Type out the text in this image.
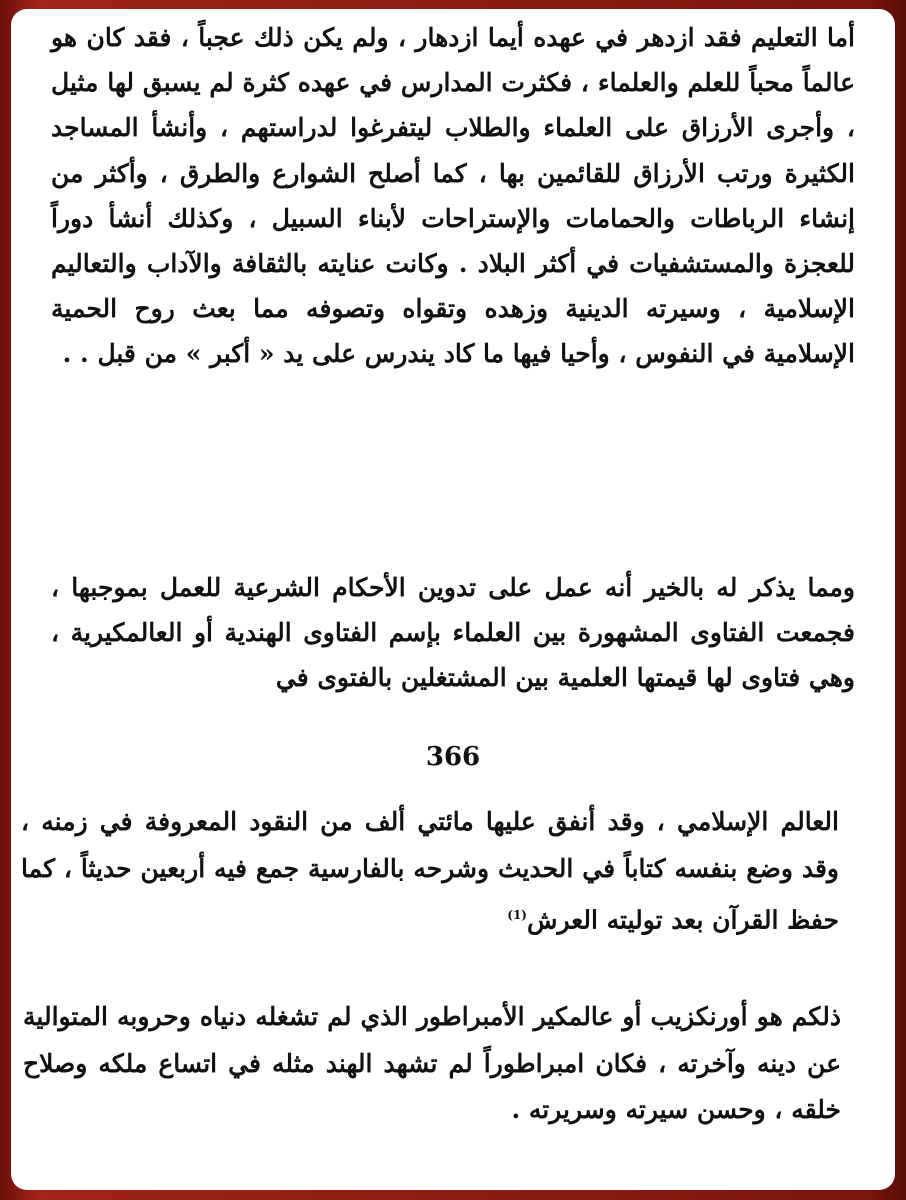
أما التعليم فقد ازدهر في عهده أيما ازدهار ، ولم يكن ذلك عجباً ، فقد كان هو عالماً محباً للعلم والعلماء ، فكثرت المدارس في عهده كثرة لم يسبق لها مثيل ، وأجرى الأرزاق على العلماء والطلاب ليتفرغوا لدراستهم ، وأنشأ المساجد الكثيرة ورتب الأرزاق للقائمين بها ، كما أصلح الشوارع والطرق ، وأكثر من إنشاء الرباطات والحمامات والإستراحات لأبناء السبيل ، وكذلك أنشأ دوراً للعجزة والمستشفيات في أكثر البلاد . وكانت عنايته بالثقافة والآداب والتعاليم الإسلامية ، وسيرته الدينية وزهده وتقواه وتصوفه مما بعث روح الحمية الإسلامية في النفوس ، وأحيا فيها ما كاد يندرس على يد « أكبر » من قبل . .

ومما يذكر له بالخير أنه عمل على تدوين الأحكام الشرعية للعمل بموجبها ، فجمعت الفتاوى المشهورة بين العلماء بإسم الفتاوى الهندية أو العالمكيرية ، وهي فتاوى لها قيمتها العلمية بين المشتغلين بالفتوى في

366

العالم الإسلامي ، وقد أنفق عليها مائتي ألف من النقود المعروفة في زمنه ، وقد وضع بنفسه كتاباً في الحديث وشرحه بالفارسية جمع فيه أربعين حديثاً ، كما حفظ القرآن بعد توليته العرش$^{(1)}$

ذلكم هو أورنكزيب أو عالمكير الأمبراطور الذي لم تشغله دنياه وحروبه المتوالية عن دينه وآخرته ، فكان امبراطوراً لم تشهد الهند مثله في اتساع ملكه وصلاح خلقه ، وحسن سيرته وسريرته .
